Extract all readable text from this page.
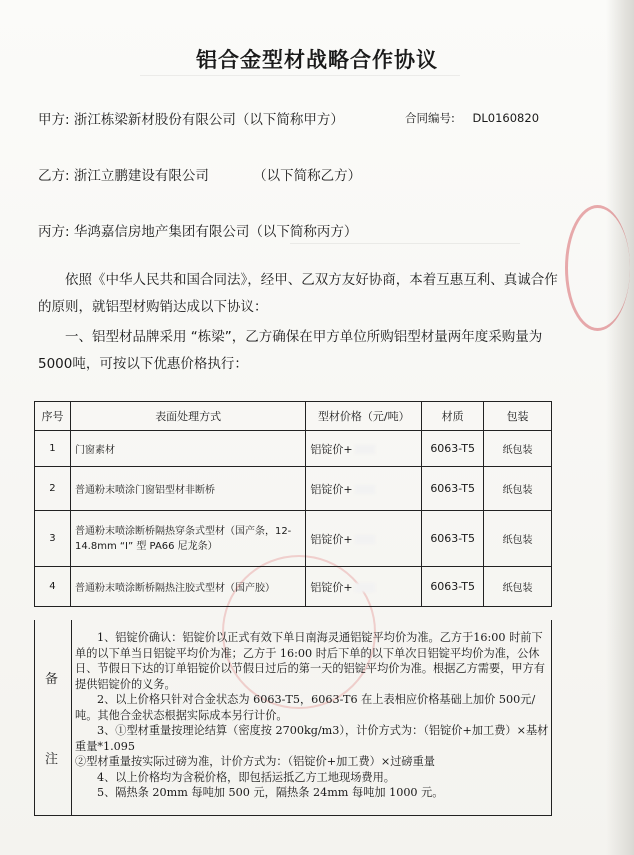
铝合金型材战略合作协议
甲方: 浙江栋梁新材股份有限公司（以下简称甲方）	合同编号: DL0160820
乙方: 浙江立鹏建设有限公司	（以下简称乙方）
丙方: 华鸿嘉信房地产集团有限公司（以下简称丙方）
依照《中华人民共和国合同法》，经甲、乙双方友好协商，本着互惠互利、真诚合作的原则，就铝型材购销达成以下协议：
一、铝型材品牌采用 “栋梁”，乙方确保在甲方单位所购铝型材量两年度采购量为5000吨，可按以下优惠价格执行：
序号	表面处理方式	型材价格（元/吨）	材质	包装
1	门窗素材	铝锭价+	6063-T5	纸包装
2	普通粉末喷涂门窗铝型材非断桥	铝锭价+	6063-T5	纸包装
3	普通粉末喷涂断桥隔热穿条式型材（国产条，12-14.8mm “I” 型 PA66 尼龙条）	铝锭价+	6063-T5	纸包装
4	普通粉末喷涂断桥隔热注胶式型材（国产胶）	铝锭价+	6063-T5	纸包装
备
注

1、铝锭价确认：铝锭价以正式有效下单日南海灵通铝锭平均价为准。乙方于16:00 时前下单的以下单当日铝锭平均价为准；乙方于 16:00 时后下单的以下单次日铝锭平均价为准，公休日、节假日下达的订单铝锭价以节假日过后的第一天的铝锭平均价为准。根据乙方需要，甲方有提供铝锭价的义务。

2、以上价格只针对合金状态为 6063-T5，6063-T6 在上表相应价格基础上加价 500元/吨。其他合金状态根据实际成本另行计价。

3、①型材重量按理论结算（密度按 2700kg/m3），计价方式为：（铝锭价+加工费）×基材重量*1.095

②型材重量按实际过磅为准，计价方式为：（铝锭价+加工费）×过磅重量

4、以上价格均为含税价格，即包括运抵乙方工地现场费用。

5、隔热条 20mm 每吨加 500 元，隔热条 24mm 每吨加 1000 元。
